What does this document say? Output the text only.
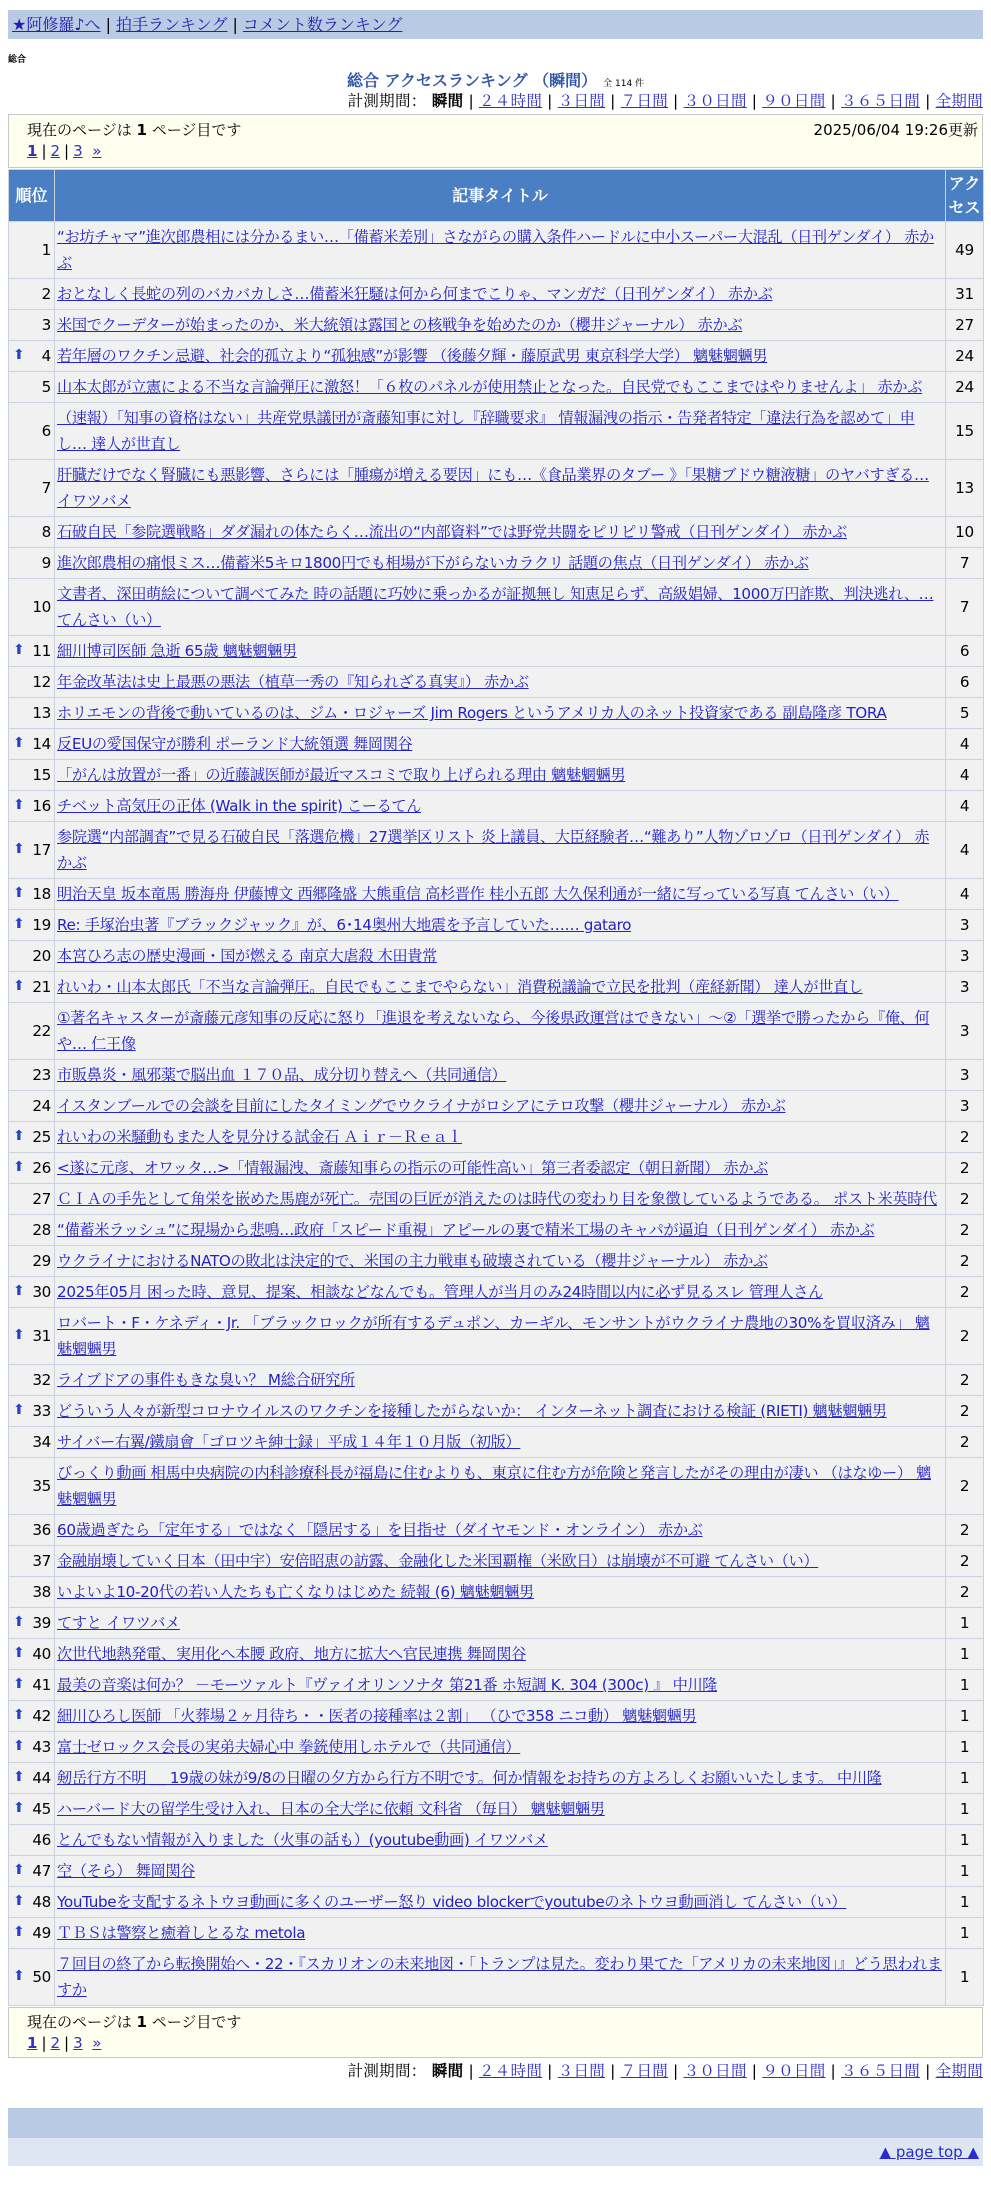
★阿修羅♪へ | 拍手ランキング | コメント数ランキング
総合
総合 アクセスランキング （瞬間） 全 114 件
計測期間： 瞬間 | ２４時間 | ３日間 | ７日間 | ３０日間 | ９０日間 | ３６５日間 | 全期間
現在のページは 1 ページ目です	2025/06/04 19:26更新
1 | 2 | 3 »
順位	記事タイトル	アクセス
1	“お坊チャマ”進次郎農相には分かるまい…「備蓄米差別」さながらの購入条件ハードルに中小スーパー大混乱（日刊ゲンダイ） 赤かぶ	49
2	おとなしく長蛇の列のバカバカしさ…備蓄米狂騒は何から何までこりゃ、マンガだ（日刊ゲンダイ） 赤かぶ	31
3	米国でクーデターが始まったのか、米大統領は露国との核戦争を始めたのか（櫻井ジャーナル） 赤かぶ	27

⬆ 4	若年層のワクチン忌避、社会的孤立より“孤独感”が影響 （後藤夕輝・藤原武男 東京科学大学） 魑魅魍魎男	24
5	山本太郎が立憲による不当な言論弾圧に激怒！「６枚のパネルが使用禁止となった。自民党でもここまではやりませんよ」 赤かぶ	24
6	（速報）「知事の資格はない」共産党県議団が斎藤知事に対し『辞職要求』 情報漏洩の指示・告発者特定「違法行為を認めて」申し… 達人が世直し	15
7	肝臓だけでなく腎臓にも悪影響、さらには「腫瘍が増える要因」にも…《食品業界のタブー 》「果糖ブドウ糖液糖」のヤバすぎる… イワツバメ	13
8	石破自民「参院選戦略」ダダ漏れの体たらく…流出の“内部資料”では野党共闘をピリピリ警戒（日刊ゲンダイ） 赤かぶ	10
9	進次郎農相の痛恨ミス…備蓄米5キロ1800円でも相場が下がらないカラクリ 話題の焦点（日刊ゲンダイ） 赤かぶ	7
10	文書者、深田萌絵について調べてみた 時の話題に巧妙に乗っかるが証拠無し 知恵足らず、高級娼婦、1000万円詐欺、判決逃れ、… てんさい（い）	7

⬆ 11	細川博司医師 急逝 65歳 魑魅魍魎男	6
12	年金改革法は史上最悪の悪法（植草一秀の『知られざる真実』） 赤かぶ	6
13	ホリエモンの背後で動いているのは、ジム・ロジャーズ Jim Rogers というアメリカ人のネット投資家である 副島隆彦 TORA	5

⬆ 14	反EUの愛国保守が勝利 ポーランド大統領選 舞岡関谷	4
15	「がんは放置が一番」の近藤誠医師が最近マスコミで取り上げられる理由 魑魅魍魎男	4

⬆ 16	チベット高気圧の正体 (Walk in the spirit) こーるてん	4

⬆ 17	参院選“内部調査”で見る石破自民「落選危機」27選挙区リスト 炎上議員、大臣経験者…“難あり”人物ゾロゾロ（日刊ゲンダイ） 赤かぶ	4

⬆ 18	明治天皇 坂本竜馬 勝海舟 伊藤博文 西郷隆盛 大熊重信 高杉晋作 桂小五郎 大久保利通が一緒に写っている写真 てんさい（い）	4

⬆ 19	Re: 手塚治虫著『ブラックジャック』が、6･14奥州大地震を予言していた…… gataro	3
20	本宮ひろ志の歴史漫画・国が燃える 南京大虐殺 木田貴常	3

⬆ 21	れいわ・山本太郎氏「不当な言論弾圧。自民でもここまでやらない」消費税議論で立民を批判（産経新聞） 達人が世直し	3
22	①著名キャスターが斎藤元彦知事の反応に怒り「進退を考えないなら、今後県政運営はできない」～②「選挙で勝ったから『俺、何や… 仁王像	3
23	市販鼻炎・風邪薬で脳出血 １７０品、成分切り替えへ（共同通信）	3
24	イスタンブールでの会談を目前にしたタイミングでウクライナがロシアにテロ攻撃（櫻井ジャーナル） 赤かぶ	3

⬆ 25	れいわの米騒動もまた人を見分ける試金石 Ａｉｒ－Ｒｅａｌ	2

⬆ 26	<遂に元彦、オワッタ…>「情報漏洩、斎藤知事らの指示の可能性高い」第三者委認定（朝日新聞） 赤かぶ	2
27	ＣＩＡの手先として角栄を嵌めた馬鹿が死亡。売国の巨匠が消えたのは時代の変わり目を象徴しているようである。 ポスト米英時代	2
28	“備蓄米ラッシュ”に現場から悲鳴…政府「スピード重視」アピールの裏で精米工場のキャパが逼迫（日刊ゲンダイ） 赤かぶ	2
29	ウクライナにおけるNATOの敗北は決定的で、米国の主力戦車も破壊されている（櫻井ジャーナル） 赤かぶ	2

⬆ 30	2025年05月 困った時、意見、提案、相談などなんでも。管理人が当月のみ24時間以内に必ず見るスレ 管理人さん	2

⬆ 31	ロバート・F・ケネディ・Jr. 「ブラックロックが所有するデュポン、カーギル、モンサントがウクライナ農地の30%を買収済み」 魑魅魍魎男	2
32	ライブドアの事件もきな臭い？ M総合研究所	2

⬆ 33	どういう人々が新型コロナウイルスのワクチンを接種したがらないか： インターネット調査における検証 (RIETI) 魑魅魍魎男	2
34	サイバー右翼/鐵扇會「ゴロツキ紳士録」平成１４年１０月版（初版）	2
35	びっくり動画 相馬中央病院の内科診療科長が福島に住むよりも、東京に住む方が危険と発言したがその理由が凄い （はなゆー） 魑魅魍魎男	2
36	60歳過ぎたら「定年する」ではなく「隠居する」を目指せ（ダイヤモンド・オンライン） 赤かぶ	2
37	金融崩壊していく日本（田中宇）安倍昭恵の訪露、金融化した米国覇権（米欧日）は崩壊が不可避 てんさい（い）	2
38	いよいよ10-20代の若い人たちも亡くなりはじめた 続報 (6) 魑魅魍魎男	2

⬆ 39	てすと イワツバメ	1

⬆ 40	次世代地熱発電、実用化へ本腰 政府、地方に拡大へ官民連携 舞岡関谷	1

⬆ 41	最美の音楽は何か？ －モーツァルト『ヴァイオリンソナタ 第21番 ホ短調 K. 304 (300c) 』 中川隆	1

⬆ 42	細川ひろし医師 「火葬場２ヶ月待ち・・医者の接種率は２割」 （ひで358 ニコ動） 魑魅魍魎男	1

⬆ 43	富士ゼロックス会長の実弟夫婦心中 拳銃使用しホテルで（共同通信）	1

⬆ 44	剱岳行方不明 ＿ 19歳の妹が9/8の日曜の夕方から行方不明です。何か情報をお持ちの方よろしくお願いいたします。 中川隆	1

⬆ 45	ハーバード大の留学生受け入れ、日本の全大学に依頼 文科省 （毎日） 魑魅魍魎男	1
46	とんでもない情報が入りました（火事の話も）(youtube動画) イワツバメ	1

⬆ 47	空（そら） 舞岡関谷	1

⬆ 48	YouTubeを支配するネトウヨ動画に多くのユーザー怒り video blockerでyoutubeのネトウヨ動画消し てんさい（い）	1

⬆ 49	ＴＢＳは警察と癒着しとるな metola	1

⬆ 50	７回目の終了から転換開始へ・22・『スカリオンの未来地図・「トランプは見た。変わり果てた「アメリカの未来地図」』どう思われますか	1
現在のページは 1 ページ目です
1 | 2 | 3 »
計測期間： 瞬間 | ２４時間 | ３日間 | ７日間 | ３０日間 | ９０日間 | ３６５日間 | 全期間
▲ page top ▲
